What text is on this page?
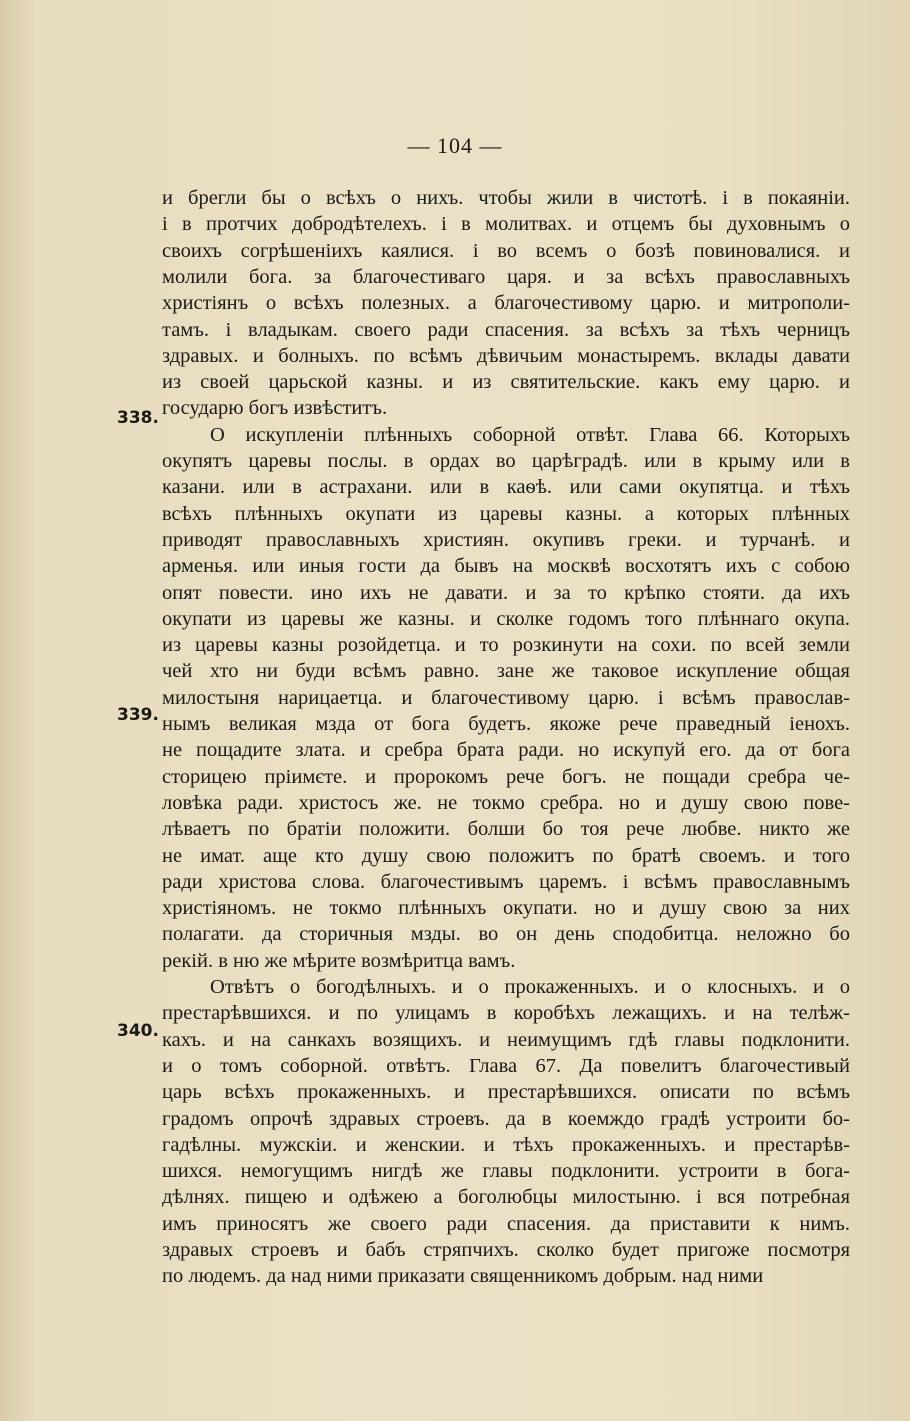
— 104 —
338.
339.
340.
и брегли бы о всѣхъ о нихъ. чтобы жили в чистотѣ. і в покаяніи.
і в протчих добродѣтелехъ. і в молитвах. и отцемъ бы духовнымъ о
своихъ согрѣшеніихъ каялися. і во всемъ о бозѣ повиновалися. и
молили бога. за благочестиваго царя. и за всѣхъ православныхъ
христіянъ о всѣхъ полезных. а благочестивому царю. и митрополи-
тамъ. і владыкам. своего ради спасения. за всѣхъ за тѣхъ черницъ
здравых. и болныхъ. по всѣмъ дѣвичьим монастыремъ. вклады давати
из своей царьской казны. и из святительские. какъ ему царю. и
государю богъ извѣститъ.
О искупленіи плѣнныхъ соборной отвѣт. Глава 66. Которыхъ
окупятъ царевы послы. в ордах во царѣградѣ. или в крыму или в
казани. или в астрахани. или в каѳѣ. или сами окупятца. и тѣхъ
всѣхъ плѣнныхъ окупати из царевы казны. а которых плѣнных
приводят православныхъ християн. окупивъ греки. и турчанѣ. и
арменья. или иныя гости да бывъ на москвѣ восхотятъ ихъ с собою
опят повести. ино ихъ не давати. и за то крѣпко стояти. да ихъ
окупати из царевы же казны. и сколке годомъ того плѣннаго окупа.
из царевы казны розойдетца. и то розкинути на сохи. по всей земли
чей хто ни буди всѣмъ равно. зане же таковое искупление общая
милостыня нарицаетца. и благочестивому царю. і всѣмъ православ-
нымъ великая мзда от бога будетъ. якоже рече праведный іенохъ.
не пощадите злата. и сребра брата ради. но искупуй его. да от бога
сторицею пріимєте. и пророкомъ рече богъ. не пощади сребра че-
ловѣка ради. христосъ же. не токмо сребра. но и душу свою пове-
лѣваетъ по братіи положити. болши бо тоя рече любве. никто же
не имат. аще кто душу свою положитъ по братѣ своемъ. и того
ради христова слова. благочестивымъ царемъ. і всѣмъ православнымъ
христіяномъ. не токмо плѣнныхъ окупати. но и душу свою за них
полагати. да сторичныя мзды. во он день сподобитца. неложно бо
рекій. в ню же мѣрите возмѣритца вамъ.
Отвѣтъ о богодѣлныхъ. и о прокаженныхъ. и о клосныхъ. и о
престарѣвшихся. и по улицамъ в коробѣхъ лежащихъ. и на телѣж-
кахъ. и на санкахъ возящихъ. и неимущимъ гдѣ главы подклонити.
и о томъ соборной. отвѣтъ. Глава 67. Да повелитъ благочестивый
царь всѣхъ прокаженныхъ. и престарѣвшихся. описати по всѣмъ
градомъ опрочѣ здравых строевъ. да в коемждо градѣ устроити бо-
гадѣлны. мужскіи. и женскии. и тѣхъ прокаженныхъ. и престарѣв-
шихся. немогущимъ нигдѣ же главы подклонити. устроити в бога-
дѣлнях. пищею и одѣжею а боголюбцы милостыню. і вся потребная
имъ приносятъ же своего ради спасения. да приставити к нимъ.
здравых строевъ и бабъ стряпчихъ. сколко будет пригоже посмотря
по людемъ. да над ними приказати священникомъ добрым. над ними
